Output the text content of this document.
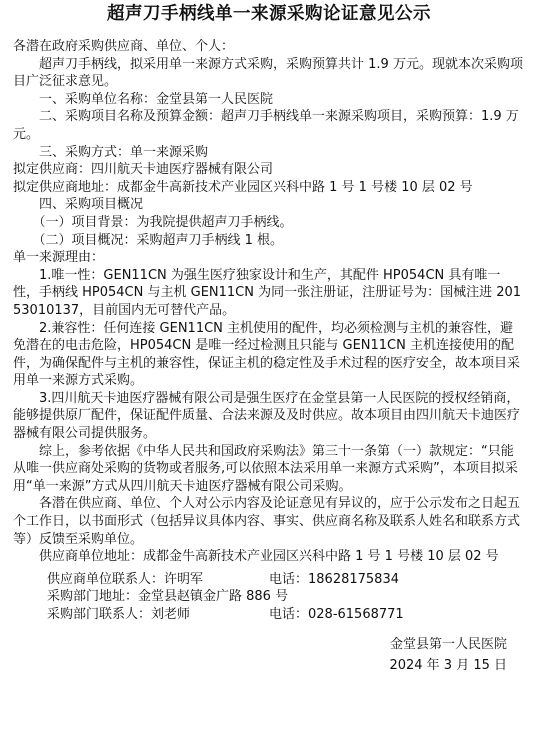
超声刀手柄线单一来源采购论证意见公示

各潜在政府采购供应商、单位、个人：

超声刀手柄线，拟采用单一来源方式采购，采购预算共计 1.9 万元。现就本次采购项目广泛征求意见。

一、采购单位名称：金堂县第一人民医院

二、采购项目名称及预算金额：超声刀手柄线单一来源采购项目，采购预算：1.9 万元。

三、采购方式：单一来源采购

拟定供应商：四川航天卡迪医疗器械有限公司

拟定供应商地址：成都金牛高新技术产业园区兴科中路 1 号 1 号楼 10 层 02 号

四、采购项目概况

（一）项目背景：为我院提供超声刀手柄线。

（二）项目概况：采购超声刀手柄线 1 根。

单一来源理由：

1.唯一性：GEN11CN 为强生医疗独家设计和生产，其配件 HP054CN 具有唯一性，手柄线 HP054CN 与主机 GEN11CN 为同一张注册证，注册证号为：国械注进 20153010137，目前国内无可替代产品。

2.兼容性：任何连接 GEN11CN 主机使用的配件，均必须检测与主机的兼容性，避免潜在的电击危险，HP054CN 是唯一经过检测且只能与 GEN11CN 主机连接使用的配件，为确保配件与主机的兼容性，保证主机的稳定性及手术过程的医疗安全，故本项目采用单一来源方式采购。

3.四川航天卡迪医疗器械有限公司是强生医疗在金堂县第一人民医院的授权经销商，能够提供原厂配件，保证配件质量、合法来源及及时供应。故本项目由四川航天卡迪医疗器械有限公司提供服务。

综上，参考依据《中华人民共和国政府采购法》第三十一条第（一）款规定：“只能从唯一供应商处采购的货物或者服务,可以依照本法采用单一来源方式采购”，本项目拟采用“单一来源”方式从四川航天卡迪医疗器械有限公司采购。

各潜在供应商、单位、个人对公示内容及论证意见有异议的，应于公示发布之日起五个工作日，以书面形式（包括异议具体内容、事实、供应商名称及联系人姓名和联系方式等）反馈至采购单位。

供应商单位地址：成都金牛高新技术产业园区兴科中路 1 号 1 号楼 10 层 02 号

供应商单位联系人：许明军	电话：18628175834

采购部门地址：金堂县赵镇金广路 886 号

采购部门联系人：刘老师	电话：028-61568771

金堂县第一人民医院

2024 年 3 月 15 日
